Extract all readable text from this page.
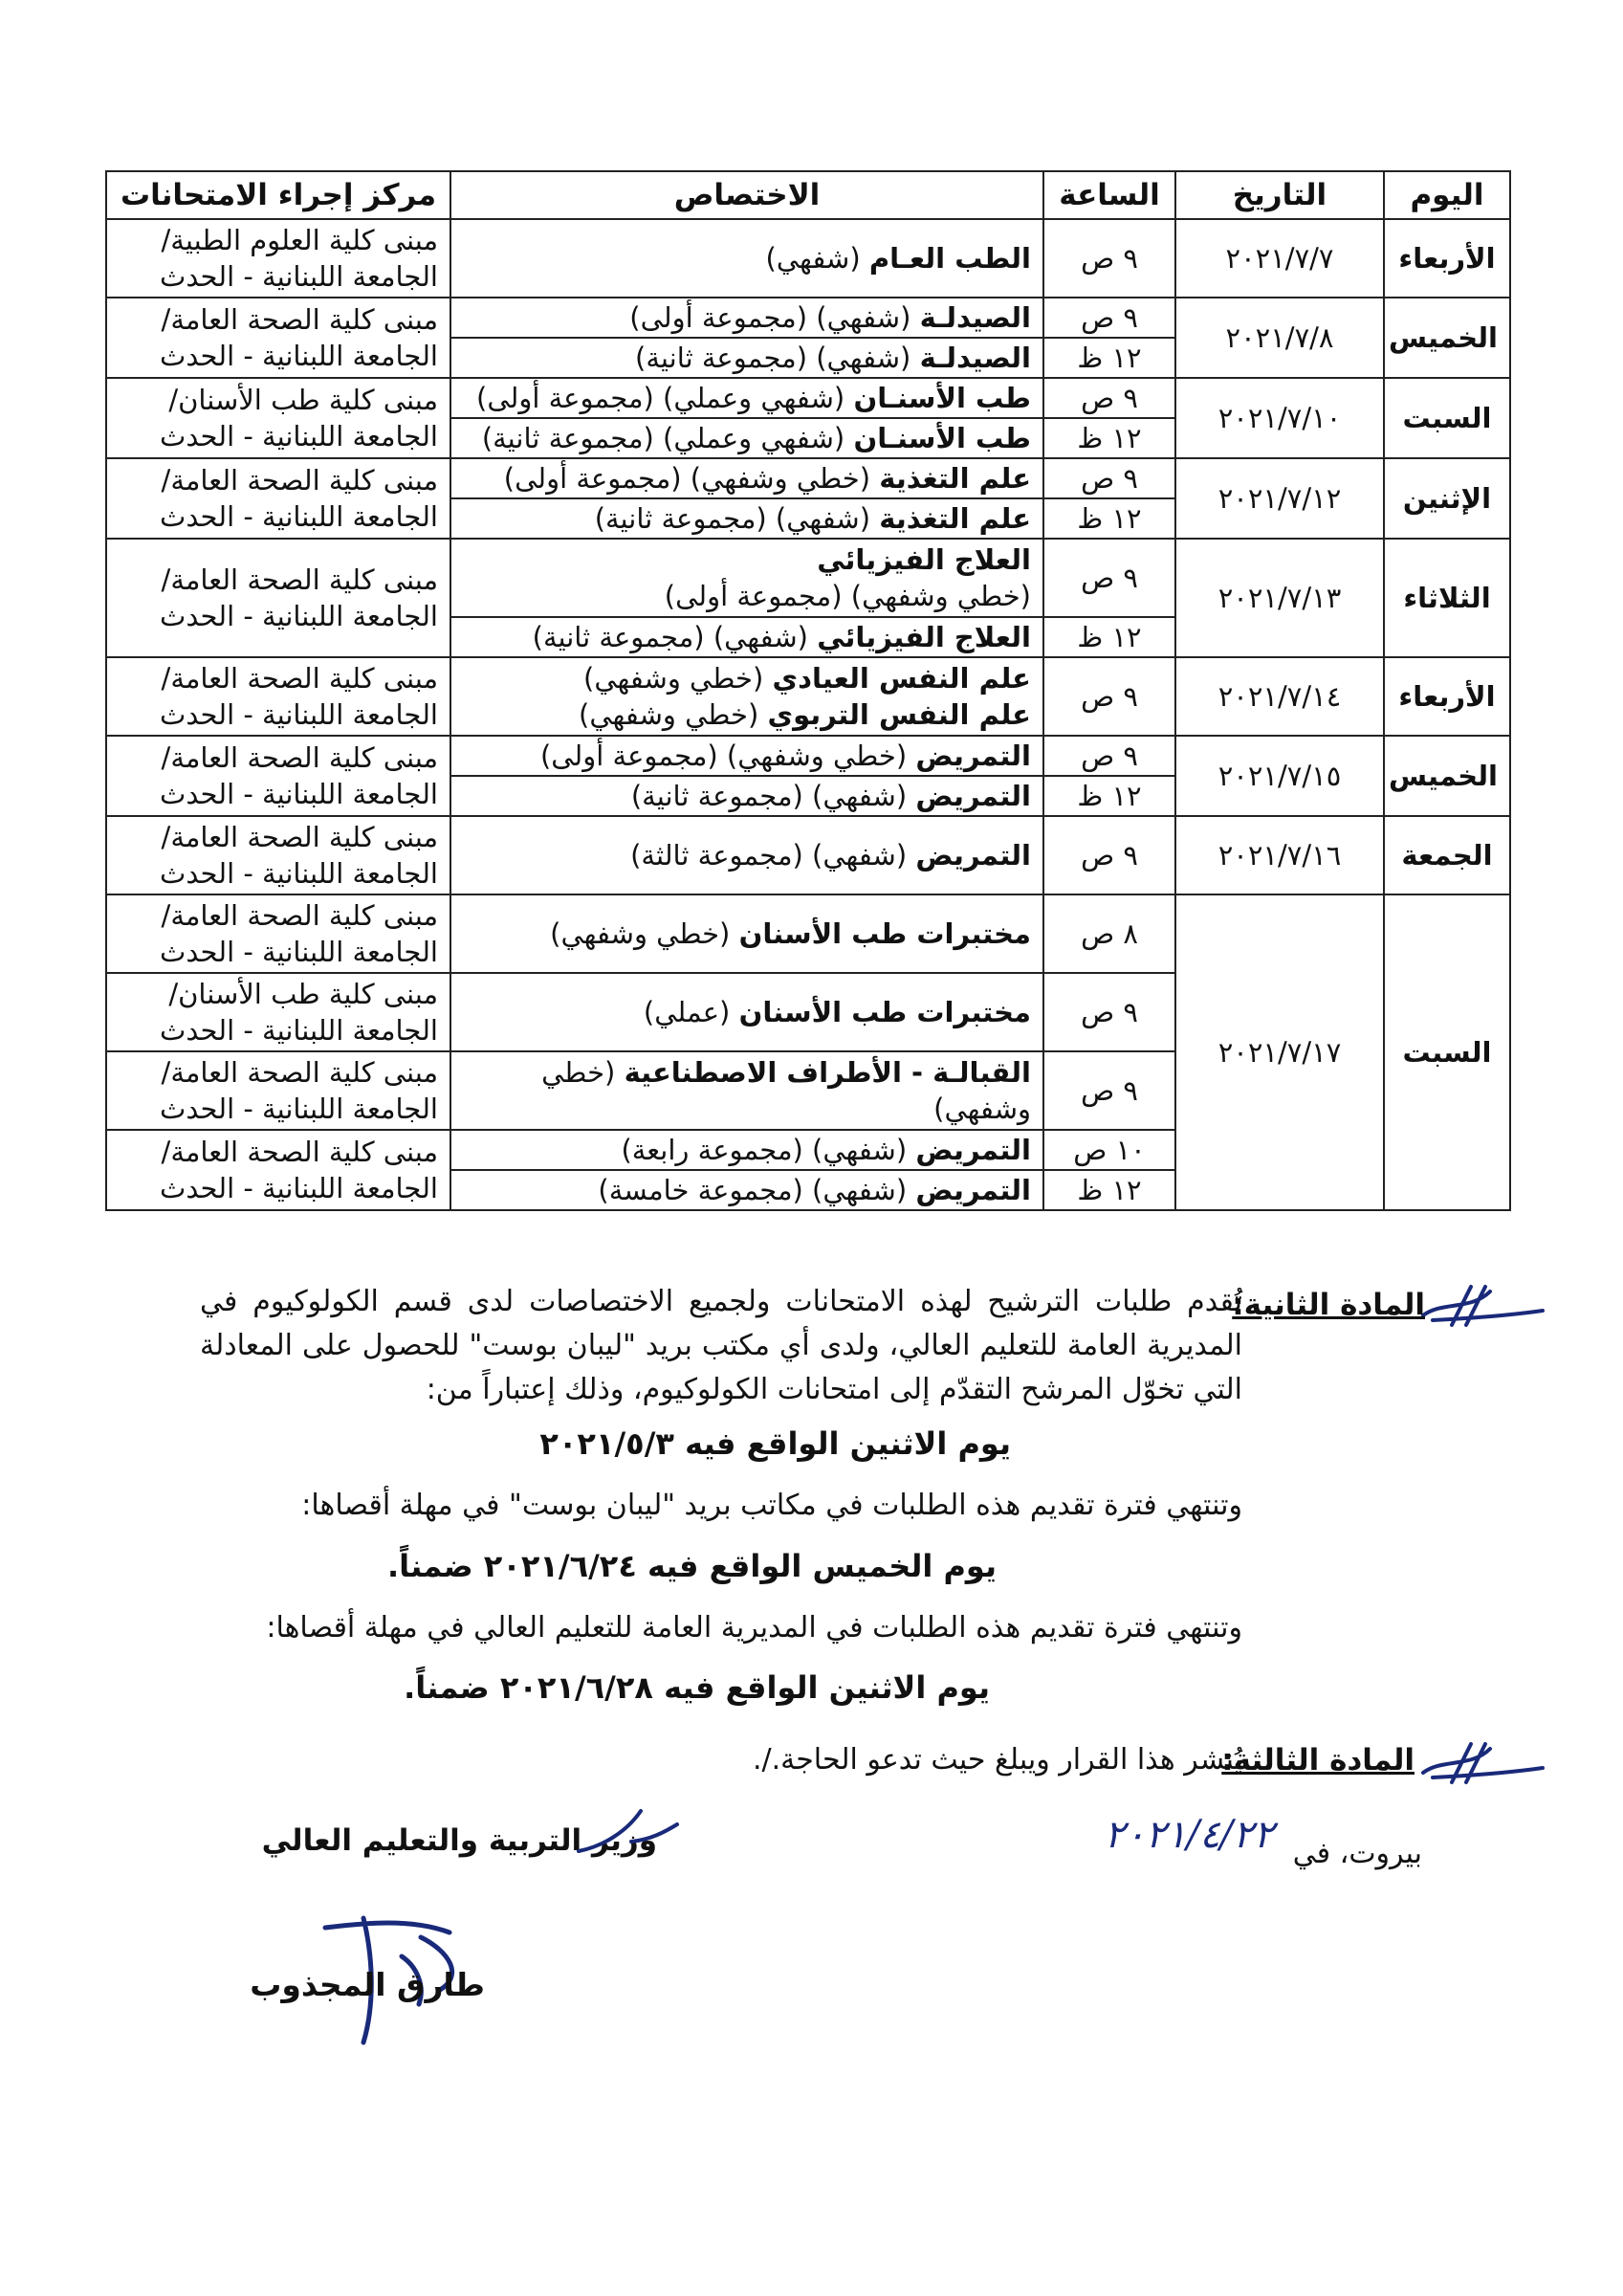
اليوم	التاريخ	الساعة	الاختصاص	مركز إجراء الامتحانات
الأربعاء	٢٠٢١/٧/٧	٩ ص	الطب العـام (شفهي)	مبنى كلية العلوم الطبية/
الجامعة اللبنانية - الحدث

الخميس	٢٠٢١/٧/٨	٩ ص	الصيدلـة (شفهي) (مجموعة أولى)	مبنى كلية الصحة العامة/
الجامعة اللبنانية - الحدث

		١٢ ظ	الصيدلـة (شفهي) (مجموعة ثانية)	
السبت	٢٠٢١/٧/١٠	٩ ص	طب الأسنـان (شفهي وعملي) (مجموعة أولى)	مبنى كلية طب الأسنان/
الجامعة اللبنانية - الحدث

		١٢ ظ	طب الأسنـان (شفهي وعملي) (مجموعة ثانية)	
الإثنين	٢٠٢١/٧/١٢	٩ ص	علم التغذية (خطي وشفهي) (مجموعة أولى)	مبنى كلية الصحة العامة/
الجامعة اللبنانية - الحدث

		١٢ ظ	علم التغذية (شفهي) (مجموعة ثانية)	
الثلاثاء	٢٠٢١/٧/١٣	٩ ص	العلاج الفيزيائي
(خطي وشفهي) (مجموعة أولى)	مبنى كلية الصحة العامة/
الجامعة اللبنانية - الحدث

		١٢ ظ	العلاج الفيزيائي (شفهي) (مجموعة ثانية)	
الأربعاء	٢٠٢١/٧/١٤	٩ ص	علم النفس العيادي (خطي وشفهي)
علم النفس التربوي (خطي وشفهي)	مبنى كلية الصحة العامة/
الجامعة اللبنانية - الحدث

الخميس	٢٠٢١/٧/١٥	٩ ص	التمريض (خطي وشفهي) (مجموعة أولى)	مبنى كلية الصحة العامة/
الجامعة اللبنانية - الحدث

		١٢ ظ	التمريض (شفهي) (مجموعة ثانية)	
الجمعة	٢٠٢١/٧/١٦	٩ ص	التمريض (شفهي) (مجموعة ثالثة)	مبنى كلية الصحة العامة/
الجامعة اللبنانية - الحدث

السبت	٢٠٢١/٧/١٧	٨ ص	مختبرات طب الأسنان (خطي وشفهي)	مبنى كلية الصحة العامة/
الجامعة اللبنانية - الحدث

		٩ ص	مختبرات طب الأسنان (عملي)	مبنى كلية طب الأسنان/
الجامعة اللبنانية - الحدث

		٩ ص	القبالـة - الأطراف الاصطناعية (خطي وشفهي)	مبنى كلية الصحة العامة/
الجامعة اللبنانية - الحدث

		١٠ ص	التمريض (شفهي) (مجموعة رابعة)	مبنى كلية الصحة العامة/
الجامعة اللبنانية - الحدث

		١٢ ظ	التمريض (شفهي) (مجموعة خامسة)	
المادة الثانية:
تُقدم طلبات الترشيح لهذه الامتحانات ولجميع الاختصاصات لدى قسم الكولوكيوم في المديرية العامة للتعليم العالي، ولدى أي مكتب بريد "ليبان بوست" للحصول على المعادلة التي تخوّل المرشح التقدّم إلى امتحانات الكولوكيوم، وذلك إعتباراً من:
يوم الاثنين الواقع فيه ٢٠٢١/٥/٣
وتنتهي فترة تقديم هذه الطلبات في مكاتب بريد "ليبان بوست" في مهلة أقصاها:
يوم الخميس الواقع فيه ٢٠٢١/٦/٢٤ ضمناً.
وتنتهي فترة تقديم هذه الطلبات في المديرية العامة للتعليم العالي في مهلة أقصاها:
يوم الاثنين الواقع فيه ٢٠٢١/٦/٢٨ ضمناً.
المادة الثالثة:
يُنشر هذا القرار ويبلغ حيث تدعو الحاجة./.
وزير التربية والتعليم العالي	بيروت، في
٢٠٢١/٤/٢٢
طارق المجذوب
